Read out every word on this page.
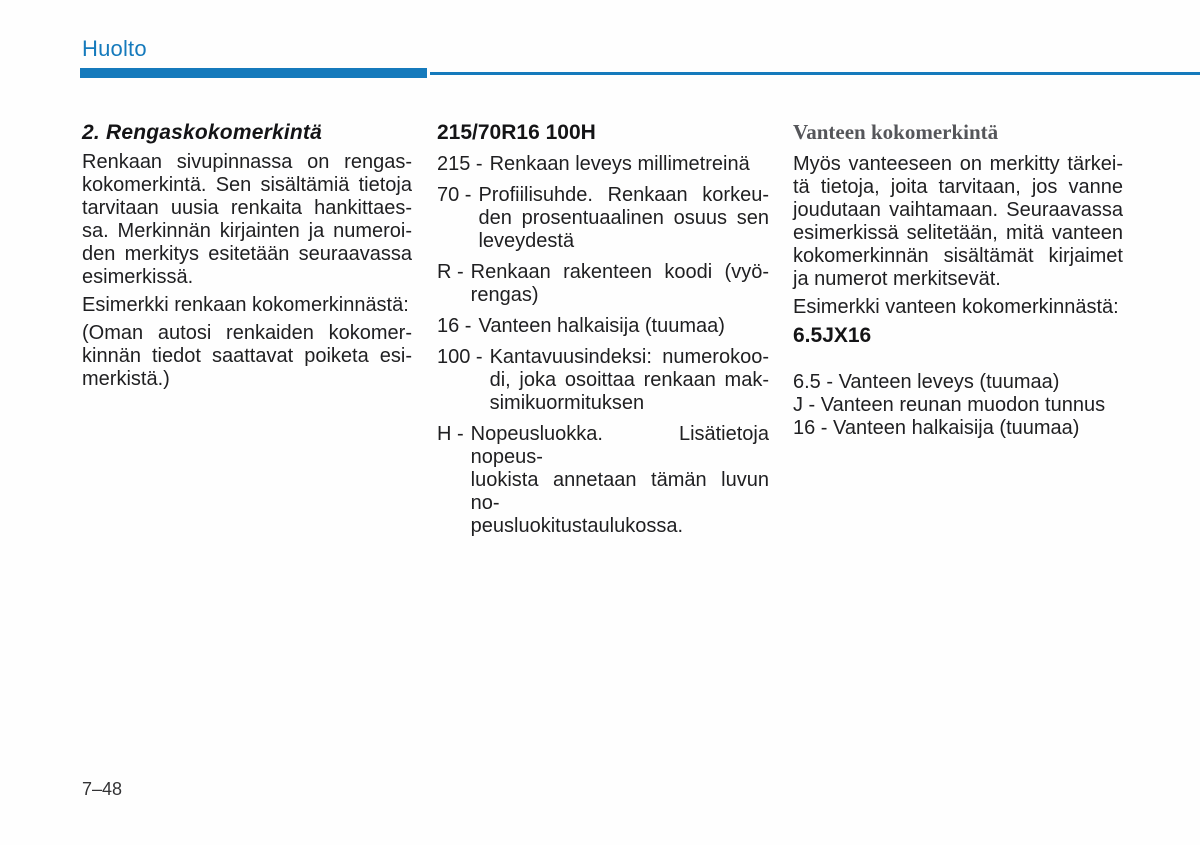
Huolto
2. Rengaskokomerkintä

Renkaan sivupinnassa on rengas-
kokomerkintä. Sen sisältämiä tietoja
tarvitaan uusia renkaita hankittaes-
sa. Merkinnän kirjainten ja numeroi-
den merkitys esitetään seuraavassa
esimerkissä.

Esimerkki renkaan kokomerkinnästä:

(Oman autosi renkaiden kokomer-
kinnän tiedot saattavat poiketa esi-
merkistä.)

215/70R16 100H
215 - Renkaan leveys millimetreinä
70 - Profiilisuhde. Renkaan korkeu-
den prosentuaalinen osuus sen
leveydestä
R - Renkaan rakenteen koodi (vyö-
rengas)
16 - Vanteen halkaisija (tuumaa)
100 - Kantavuusindeksi: numerokoo-
di, joka osoittaa renkaan mak-
simikuormituksen
H - Nopeusluokka. Lisätietoja nopeus-
luokista annetaan tämän luvun no-
peusluokitustaulukossa.
Vanteen kokomerkintä

Myös vanteeseen on merkitty tärkei-
tä tietoja, joita tarvitaan, jos vanne
joudutaan vaihtamaan. Seuraavassa
esimerkissä selitetään, mitä vanteen
kokomerkinnän sisältämät kirjaimet
ja numerot merkitsevät.

Esimerkki vanteen kokomerkinnästä:

6.5JX16
6.5 - Vanteen leveys (tuumaa)
J - Vanteen reunan muodon tunnus
16 - Vanteen halkaisija (tuumaa)
7–48
